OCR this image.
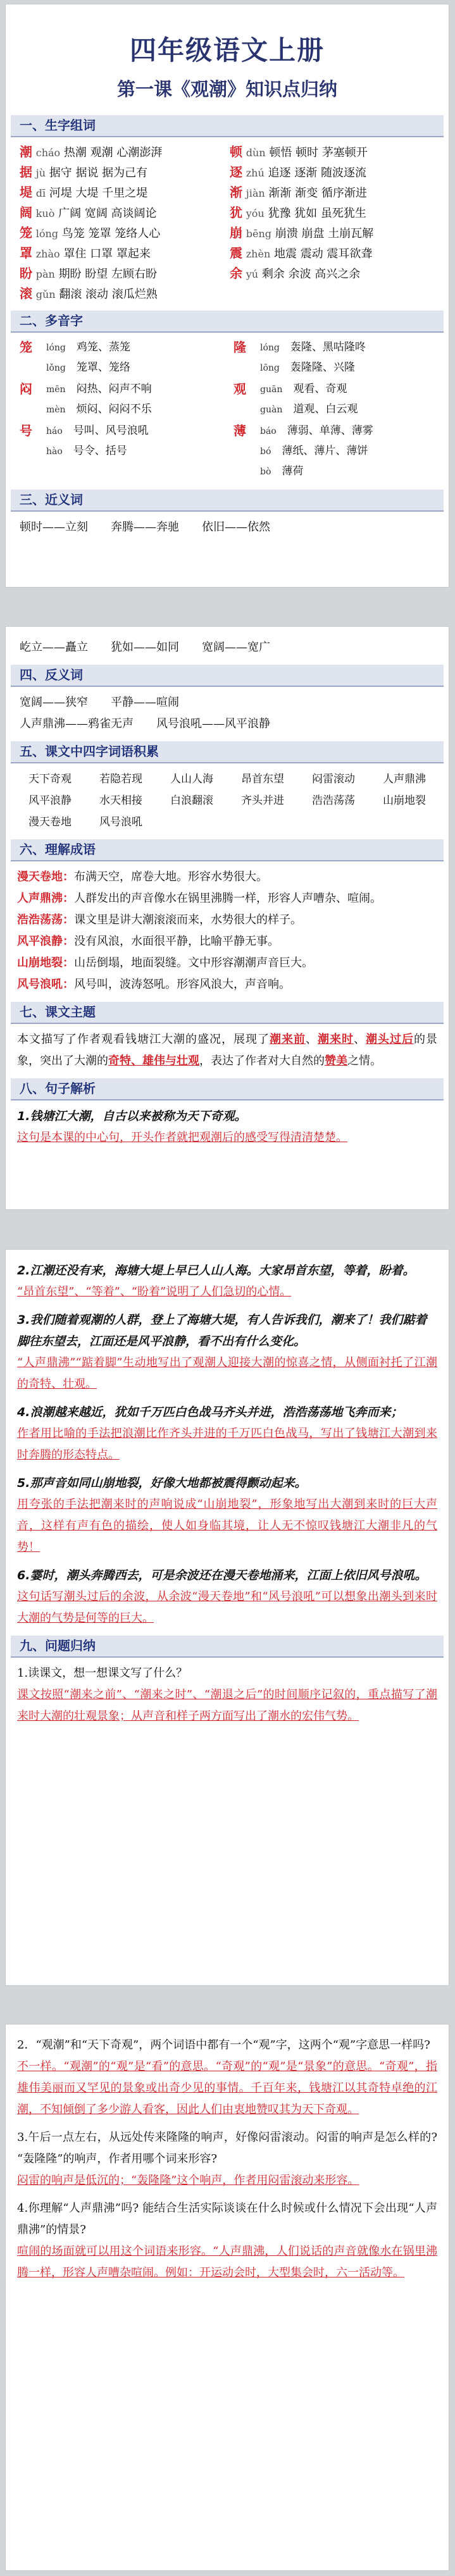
四年级语文上册
第一课《观潮》知识点归纳
一、生字组词
潮 cháo 热潮 观潮 心潮澎湃	顿 dùn 顿悟 顿时 茅塞顿开
据 jù 据守 据说 据为己有	逐 zhú 追逐 逐渐 随波逐流
堤 dī 河堤 大堤 千里之堤	渐 jiàn 渐渐 渐变 循序渐进
阔 kuò 广阔 宽阔 高谈阔论	犹 yóu 犹豫 犹如 虽死犹生
笼 lóng 鸟笼 笼罩 笼络人心	崩 bēng 崩溃 崩盘 土崩瓦解
罩 zhào 罩住 口罩 罩起来	震 zhèn 地震 震动 震耳欲聋
盼 pàn 期盼 盼望 左顾右盼	余 yú 剩余 余波 高兴之余
滚 gǔn 翻滚 滚动 滚瓜烂熟
二、多音字
笼	lóng　 鸡笼、蒸笼
lǒng　 笼罩、笼络
隆	lóng　 轰隆、黑咕隆咚
lōng　 轰隆隆、兴隆
闷	mēn　 闷热、闷声不响
mèn　 烦闷、闷闷不乐
观	guān　 观看、奇观
guàn　 道观、白云观
号	háo　 号叫、风号浪吼
hào　 号令、括号
薄	báo　 薄弱、单薄、薄雾
bó　 薄纸、薄片、薄饼
bò　 薄荷
三、近义词
顿时——立刻　　奔腾——奔驰　　依旧——依然
屹立——矗立　　犹如——如同　　宽阔——宽广
四、反义词
宽阔——狭窄　　平静——喧闹
人声鼎沸——鸦雀无声　　风号浪吼——风平浪静
五、课文中四字词语积累
天下奇观	若隐若现	人山人海	昂首东望	闷雷滚动	人声鼎沸
风平浪静	水天相接	白浪翻滚	齐头并进	浩浩荡荡	山崩地裂
漫天卷地	风号浪吼
六、理解成语
漫天卷地：布满天空，席卷大地。形容水势很大。
人声鼎沸：人群发出的声音像水在锅里沸腾一样，形容人声嘈杂、喧闹。
浩浩荡荡：课文里是讲大潮滚滚而来，水势很大的样子。
风平浪静：没有风浪，水面很平静，比喻平静无事。
山崩地裂：山岳倒塌，地面裂缝。文中形容潮潮声音巨大。
风号浪吼：风号叫，波涛怒吼。形容风浪大，声音响。
七、课文主题
本文描写了作者观看钱塘江大潮的盛况，展现了潮来前、潮来时、潮头过后的景象，突出了大潮的奇特、雄伟与壮观，表达了作者对大自然的赞美之情。
八、句子解析
1.钱塘江大潮，自古以来被称为天下奇观。
这句是本课的中心句，开头作者就把观潮后的感受写得清清楚楚。
2.江潮还没有来，海塘大堤上早已人山人海。大家昂首东望，等着，盼着。
“昂首东望”、“等着”、“盼着”说明了人们急切的心情。
3.我们随着观潮的人群，登上了海塘大堤，有人告诉我们，潮来了！我们踮着脚往东望去，江面还是风平浪静，看不出有什么变化。
“人声鼎沸”“踮着脚”生动地写出了观潮人迎接大潮的惊喜之情，从侧面衬托了江潮的奇特、壮观。
4.浪潮越来越近，犹如千万匹白色战马齐头并进，浩浩荡荡地飞奔而来；
作者用比喻的手法把浪潮比作齐头并进的千万匹白色战马，写出了钱塘江大潮到来时奔腾的形态特点。
5.那声音如同山崩地裂，好像大地都被震得颤动起来。
用夸张的手法把潮来时的声响说成“山崩地裂”，形象地写出大潮到来时的巨大声音，这样有声有色的描绘，使人如身临其境，让人无不惊叹钱塘江大潮非凡的气势！
6.霎时，潮头奔腾西去，可是余波还在漫天卷地涌来，江面上依旧风号浪吼。
这句话写潮头过后的余波，从余波“漫天卷地”和“风号浪吼”可以想象出潮头到来时大潮的气势是何等的巨大。
九、问题归纳
1.读课文，想一想课文写了什么？
课文按照“潮来之前”、“潮来之时”、“潮退之后”的时间顺序记叙的，重点描写了潮来时大潮的壮观景象；从声音和样子两方面写出了潮水的宏伟气势。
2．“观潮”和“天下奇观”，两个词语中都有一个“观”字，这两个“观”字意思一样吗?
不一样。“观潮”的“观”是“看”的意思。“奇观”的“观”是“景象”的意思。“奇观”，指雄伟美丽而又罕见的景象或出奇少见的事情。千百年来，钱塘江以其奇特卓绝的江潮，不知倾倒了多少游人看客，因此人们由衷地赞叹其为天下奇观。
3.午后一点左右，从远处传来隆隆的响声，好像闷雷滚动。闷雷的响声是怎么样的? “轰隆隆”的响声，作者用哪个词来形容?
闷雷的响声是低沉的；“轰隆隆”这个响声，作者用闷雷滚动来形容。
4.你理解“人声鼎沸”吗? 能结合生活实际谈谈在什么时候或什么情况下会出现“人声鼎沸”的情景?
喧闹的场面就可以用这个词语来形容。“人声鼎沸，人们说话的声音就像水在锅里沸腾一样，形容人声嘈杂喧闹。例如：开运动会时，大型集会时，六一活动等。
